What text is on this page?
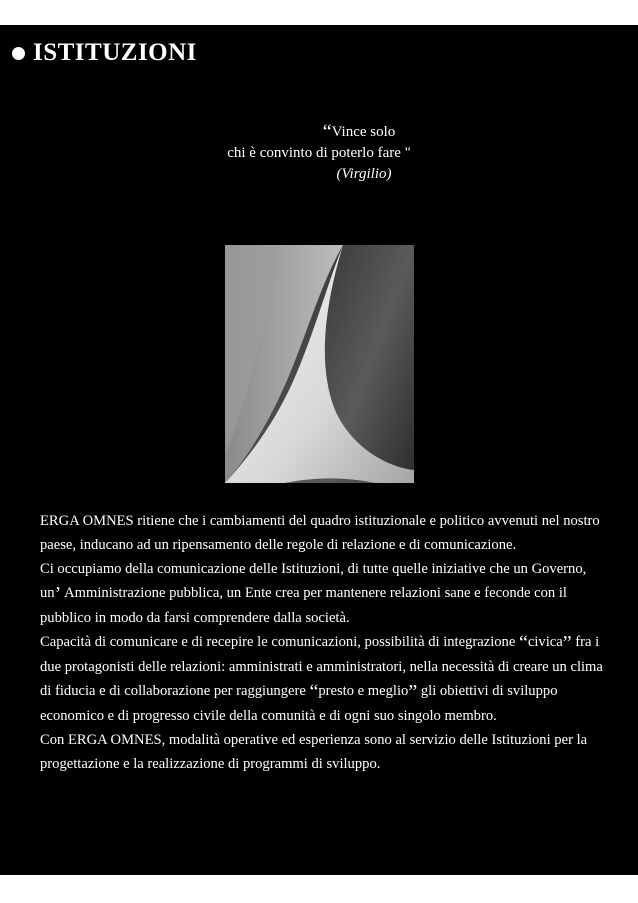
ISTITUZIONI
“Vince solo
chi è convinto di poterlo fare "
(Virgilio)

ERGA OMNES ritiene che i cambiamenti del quadro istituzionale e politico avvenuti nel nostro paese, inducano ad un ripensamento delle regole di relazione e di comunicazione.

Ci occupiamo della comunicazione delle Istituzioni, di tutte quelle iniziative che un Governo, un’ Amministrazione pubblica, un Ente crea per mantenere relazioni sane e feconde con il pubblico in modo da farsi comprendere dalla società.

Capacità di comunicare e di recepire le comunicazioni, possibilità di integrazione “civica” fra i due protagonisti delle relazioni: amministrati e amministratori, nella necessità di creare un clima di fiducia e di collaborazione per raggiungere “presto e meglio” gli obiettivi di sviluppo economico e di progresso civile della comunità e di ogni suo singolo membro.

Con ERGA OMNES, modalità operative ed esperienza sono al servizio delle Istituzioni per la progettazione e la realizzazione di programmi di sviluppo.
